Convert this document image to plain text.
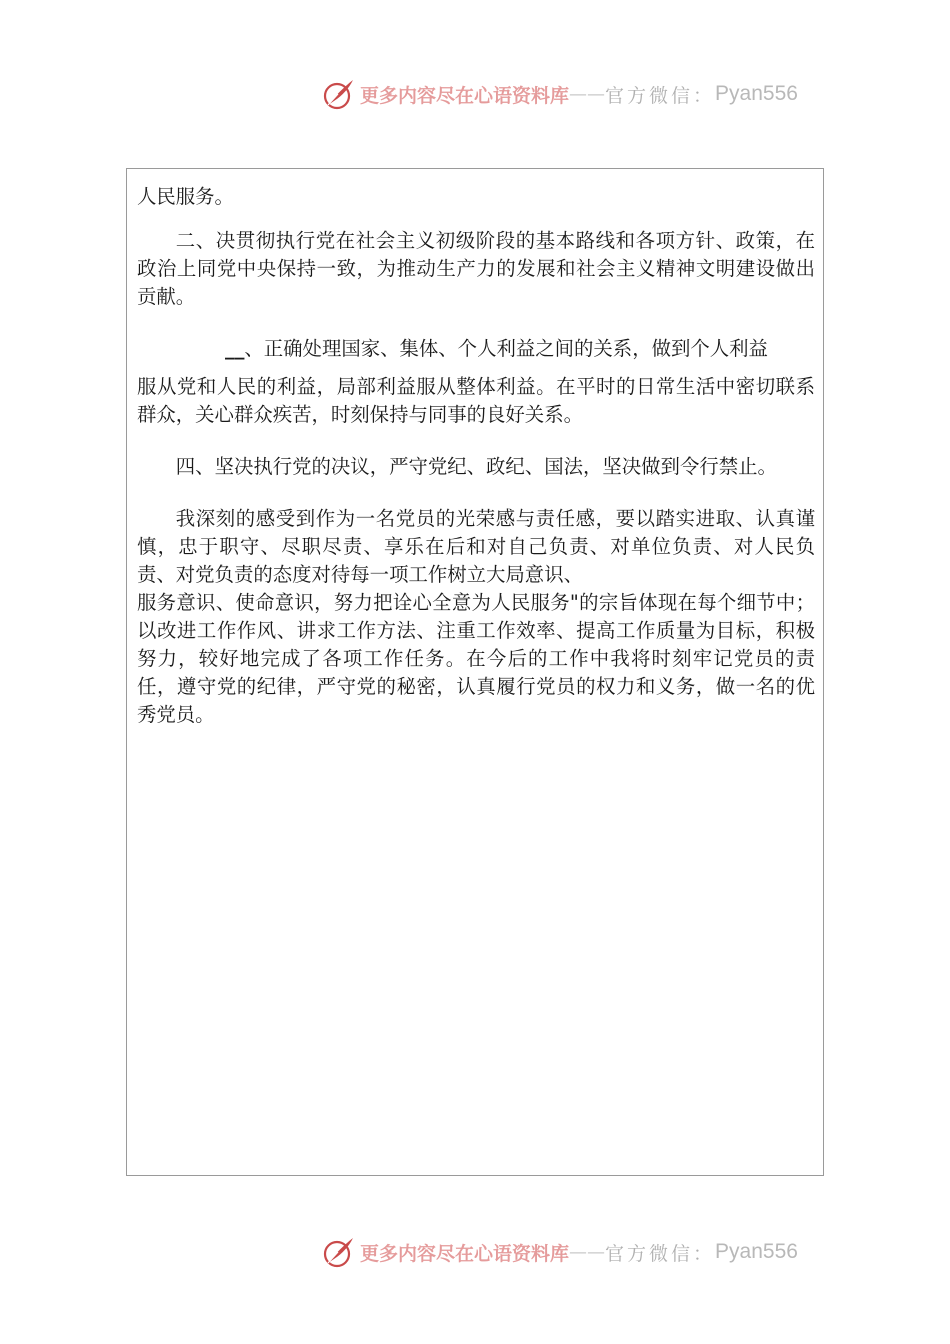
更多内容尽在心语资料库 —— 官方微信： Pyan556

人民服务。

二、决贯彻执行党在社会主义初级阶段的基本路线和各项方针、政策，在政治上同党中央保持一致，为推动生产力的发展和社会主义精神文明建设做出贡献。

__、正确处理国家、集体、个人利益之间的关系，做到个人利益

服从党和人民的利益，局部利益服从整体利益。在平时的日常生活中密切联系群众，关心群众疾苦，时刻保持与同事的良好关系。

四、坚决执行党的决议，严守党纪、政纪、国法，坚决做到令行禁止。

我深刻的感受到作为一名党员的光荣感与责任感，要以踏实进取、认真谨慎，忠于职守、尽职尽责、享乐在后和对自己负责、对单位负责、对人民负责、对党负责的态度对待每一项工作树立大局意识、

服务意识、使命意识，努力把诠心全意为人民服务"的宗旨体现在每个细节中；以改进工作作风、讲求工作方法、注重工作效率、提高工作质量为目标，积极努力，较好地完成了各项工作任务。在今后的工作中我将时刻牢记党员的责任，遵守党的纪律，严守党的秘密，认真履行党员的权力和义务，做一名的优秀党员。

更多内容尽在心语资料库 —— 官方微信： Pyan556
